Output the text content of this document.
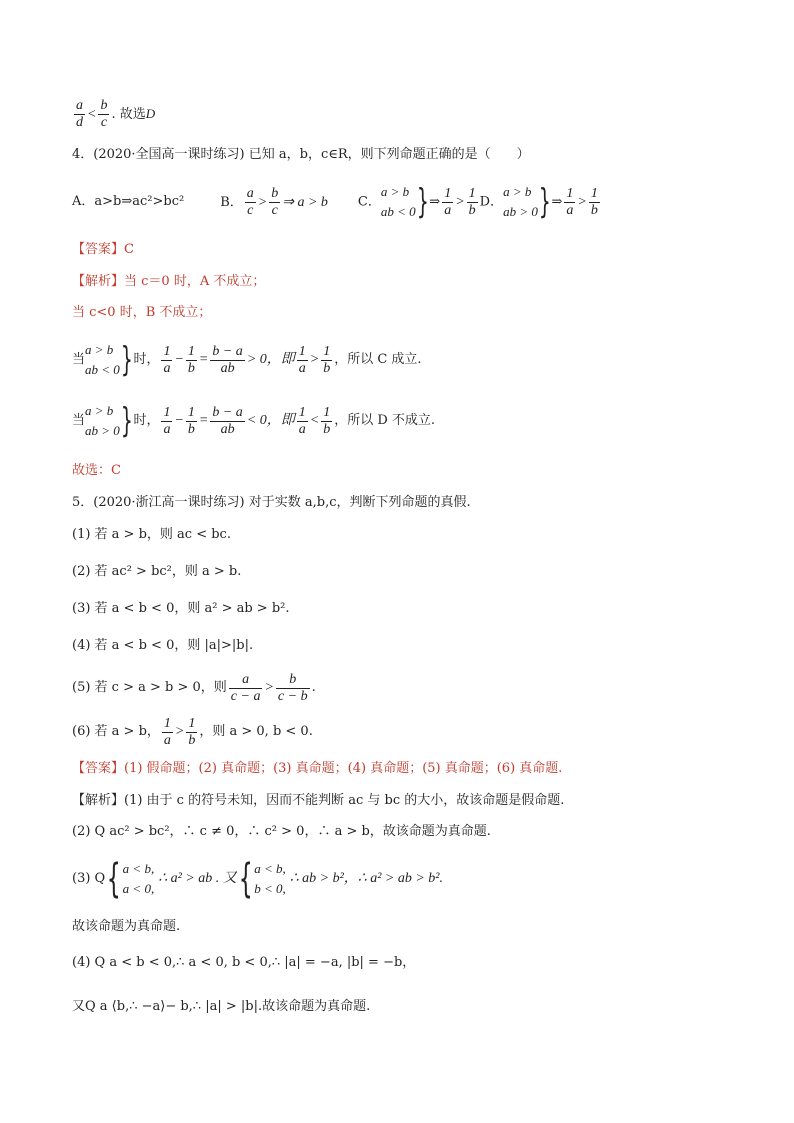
$\frac{a}{d} < \frac{b}{c}$ . 故选D
4．(2020·全国高一课时练习) 已知 a，b，c∈R，则下列命题正确的是（　　）
A．a>b⇒ac²>bc²	B． $\frac{a}{c} > \frac{b}{c}$ ⇒ a > b C．
a > b
ab < 0 }⇒ $\frac{1}{a} > \frac{1}{b}$ D．
a > b
ab > 0 }⇒ $\frac{1}{a} > \frac{1}{b}$
【答案】C
【解析】当 c＝0 时，A 不成立；
当 c<0 时，B 不成立；
当
a > b
ab < 0 } 时， $\frac{1}{a} - \frac{1}{b} = \frac{b - a}{ab} > 0$，即 $\frac{1}{a} > \frac{1}{b}$ ，所以 C 成立.
当
a > b
ab > 0 } 时， $\frac{1}{a} - \frac{1}{b} = \frac{b - a}{ab} < 0$，即 $\frac{1}{a} < \frac{1}{b}$ ，所以 D 不成立.
故选：C
5．(2020·浙江高一课时练习) 对于实数 a,b,c，判断下列命题的真假.
(1) 若 a > b，则 ac < bc.
(2) 若 ac² > bc²，则 a > b.
(3) 若 a < b < 0，则 a² > ab > b².
(4) 若 a < b < 0，则 |a|>|b|.
(5) 若 c > a > b > 0，则 $\frac{a}{c - a} > \frac{b}{c - b}$ .
(6) 若 a > b， $\frac{1}{a} > \frac{1}{b}$ ，则 a > 0, b < 0.
【答案】(1) 假命题；(2) 真命题；(3) 真命题；(4) 真命题；(5) 真命题；(6) 真命题.
【解析】(1) 由于 c 的符号未知，因而不能判断 ac 与 bc 的大小，故该命题是假命题.
(2) Q ac² > bc²，∴ c ≠ 0，∴ c² > 0，∴ a > b，故该命题为真命题.
(3) Q { a < b,
a < 0,
∴ a² > ab . 又 { a < b,
b < 0,
∴ ab > b²，∴ a² > ab > b².
故该命题为真命题.
(4) Q a < b < 0,∴ a < 0, b < 0,∴ |a| = −a, |b| = −b，
又Q a ⟨b,∴ −a⟩− b,∴ |a| > |b|.故该命题为真命题.
